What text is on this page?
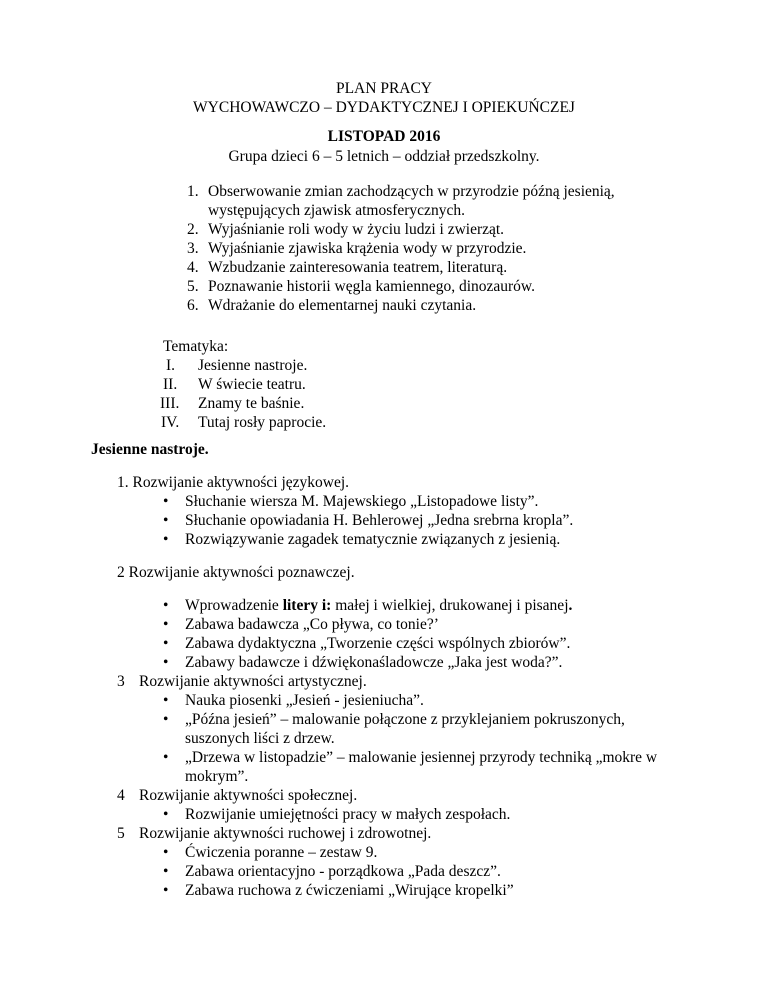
PLAN PRACY
WYCHOWAWCZO – DYDAKTYCZNEJ I OPIEKUŃCZEJ
LISTOPAD 2016
Grupa dzieci 6 – 5 letnich – oddział przedszkolny.
1. Obserwowanie zmian zachodzących w przyrodzie późną jesienią,
występujących zjawisk atmosferycznych.
2. Wyjaśnianie roli wody w życiu ludzi i zwierząt.
3. Wyjaśnianie zjawiska krążenia wody w przyrodzie.
4. Wzbudzanie zainteresowania teatrem, literaturą.
5. Poznawanie historii węgla kamiennego, dinozaurów.
6. Wdrażanie do elementarnej nauki czytania.
Tematyka:
I. Jesienne nastroje.
II. W świecie teatru.
III. Znamy te baśnie.
IV. Tutaj rosły paprocie.
Jesienne nastroje.
1. Rozwijanie aktywności językowej.
• Słuchanie wiersza M. Majewskiego „Listopadowe listy”.
• Słuchanie opowiadania H. Behlerowej „Jedna srebrna kropla”.
• Rozwiązywanie zagadek tematycznie związanych z jesienią.
2 Rozwijanie aktywności poznawczej.
• Wprowadzenie litery i: małej i wielkiej, drukowanej i pisanej.
• Zabawa badawcza „Co pływa, co tonie?’
• Zabawa dydaktyczna „Tworzenie części wspólnych zbiorów”.
• Zabawy badawcze i dźwiękonaśladowcze „Jaka jest woda?”.
3 Rozwijanie aktywności artystycznej.
• Nauka piosenki „Jesień - jesieniucha”.
• „Późna jesień” – malowanie połączone z przyklejaniem pokruszonych,
suszonych liści z drzew.
• „Drzewa w listopadzie” – malowanie jesiennej przyrody techniką „mokre w
mokrym”.
4 Rozwijanie aktywności społecznej.
• Rozwijanie umiejętności pracy w małych zespołach.
5 Rozwijanie aktywności ruchowej i zdrowotnej.
• Ćwiczenia poranne – zestaw 9.
• Zabawa orientacyjno - porządkowa „Pada deszcz”.
• Zabawa ruchowa z ćwiczeniami „Wirujące kropelki”
